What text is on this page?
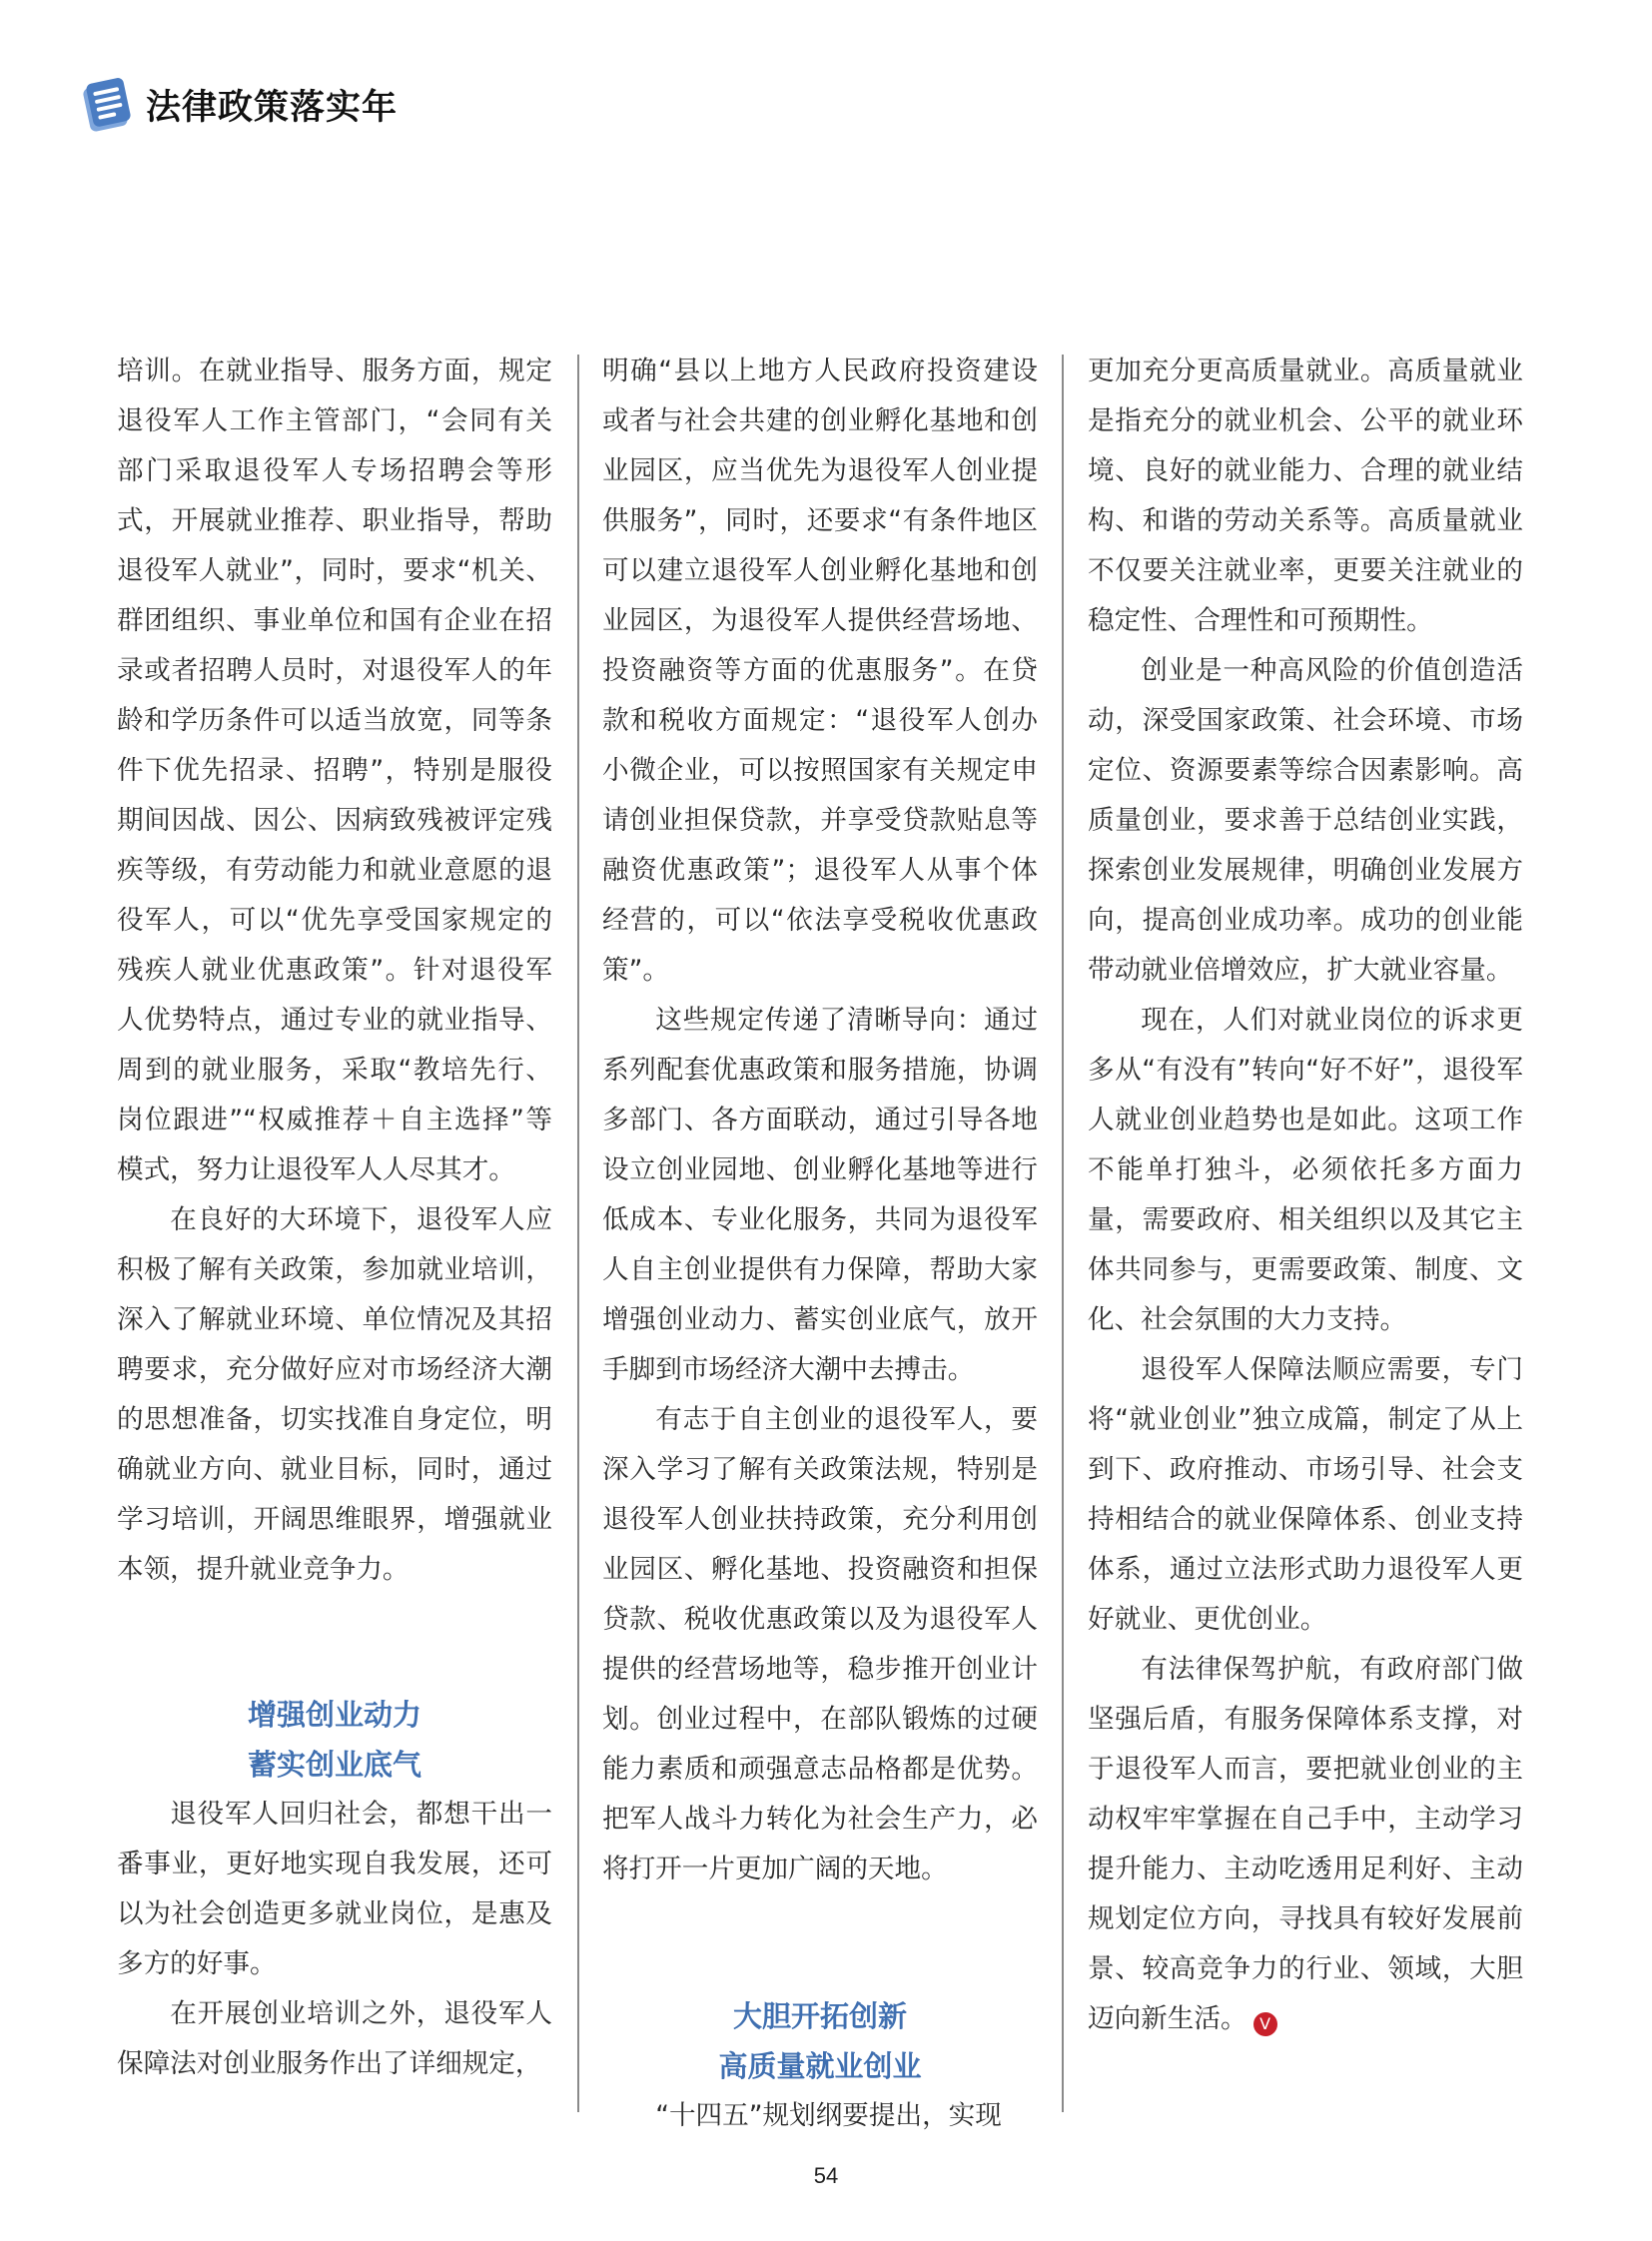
法律政策落实年

培训。在就业指导、服务方面，规定退役军人工作主管部门，“会同有关部门采取退役军人专场招聘会等形式，开展就业推荐、职业指导，帮助退役军人就业”，同时，要求“机关、群团组织、事业单位和国有企业在招录或者招聘人员时，对退役军人的年龄和学历条件可以适当放宽，同等条件下优先招录、招聘”，特别是服役期间因战、因公、因病致残被评定残疾等级，有劳动能力和就业意愿的退役军人，可以“优先享受国家规定的残疾人就业优惠政策”。针对退役军人优势特点，通过专业的就业指导、周到的就业服务，采取“教培先行、岗位跟进”“权威推荐＋自主选择”等模式，努力让退役军人人尽其才。

在良好的大环境下，退役军人应积极了解有关政策，参加就业培训，深入了解就业环境、单位情况及其招聘要求，充分做好应对市场经济大潮的思想准备，切实找准自身定位，明确就业方向、就业目标，同时，通过学习培训，开阔思维眼界，增强就业本领，提升就业竞争力。

增强创业动力
蓄实创业底气

退役军人回归社会，都想干出一番事业，更好地实现自我发展，还可以为社会创造更多就业岗位，是惠及多方的好事。

在开展创业培训之外，退役军人保障法对创业服务作出了详细规定，

明确“县以上地方人民政府投资建设或者与社会共建的创业孵化基地和创业园区，应当优先为退役军人创业提供服务”，同时，还要求“有条件地区可以建立退役军人创业孵化基地和创业园区，为退役军人提供经营场地、投资融资等方面的优惠服务”。在贷款和税收方面规定：“退役军人创办小微企业，可以按照国家有关规定申请创业担保贷款，并享受贷款贴息等融资优惠政策”；退役军人从事个体经营的，可以“依法享受税收优惠政策”。

这些规定传递了清晰导向：通过系列配套优惠政策和服务措施，协调多部门、各方面联动，通过引导各地设立创业园地、创业孵化基地等进行低成本、专业化服务，共同为退役军人自主创业提供有力保障，帮助大家增强创业动力、蓄实创业底气，放开手脚到市场经济大潮中去搏击。

有志于自主创业的退役军人，要深入学习了解有关政策法规，特别是退役军人创业扶持政策，充分利用创业园区、孵化基地、投资融资和担保贷款、税收优惠政策以及为退役军人提供的经营场地等，稳步推开创业计划。创业过程中，在部队锻炼的过硬能力素质和顽强意志品格都是优势。把军人战斗力转化为社会生产力，必将打开一片更加广阔的天地。

大胆开拓创新
高质量就业创业

“十四五”规划纲要提出，实现

更加充分更高质量就业。高质量就业是指充分的就业机会、公平的就业环境、良好的就业能力、合理的就业结构、和谐的劳动关系等。高质量就业不仅要关注就业率，更要关注就业的稳定性、合理性和可预期性。

创业是一种高风险的价值创造活动，深受国家政策、社会环境、市场定位、资源要素等综合因素影响。高质量创业，要求善于总结创业实践，探索创业发展规律，明确创业发展方向，提高创业成功率。成功的创业能带动就业倍增效应，扩大就业容量。

现在，人们对就业岗位的诉求更多从“有没有”转向“好不好”，退役军人就业创业趋势也是如此。这项工作不能单打独斗，必须依托多方面力量，需要政府、相关组织以及其它主体共同参与，更需要政策、制度、文化、社会氛围的大力支持。

退役军人保障法顺应需要，专门将“就业创业”独立成篇，制定了从上到下、政府推动、市场引导、社会支持相结合的就业保障体系、创业支持体系，通过立法形式助力退役军人更好就业、更优创业。

有法律保驾护航，有政府部门做坚强后盾，有服务保障体系支撑，对于退役军人而言，要把就业创业的主动权牢牢掌握在自己手中，主动学习提升能力、主动吃透用足利好、主动规划定位方向，寻找具有较好发展前景、较高竞争力的行业、领域，大胆迈向新生活。 V

54
